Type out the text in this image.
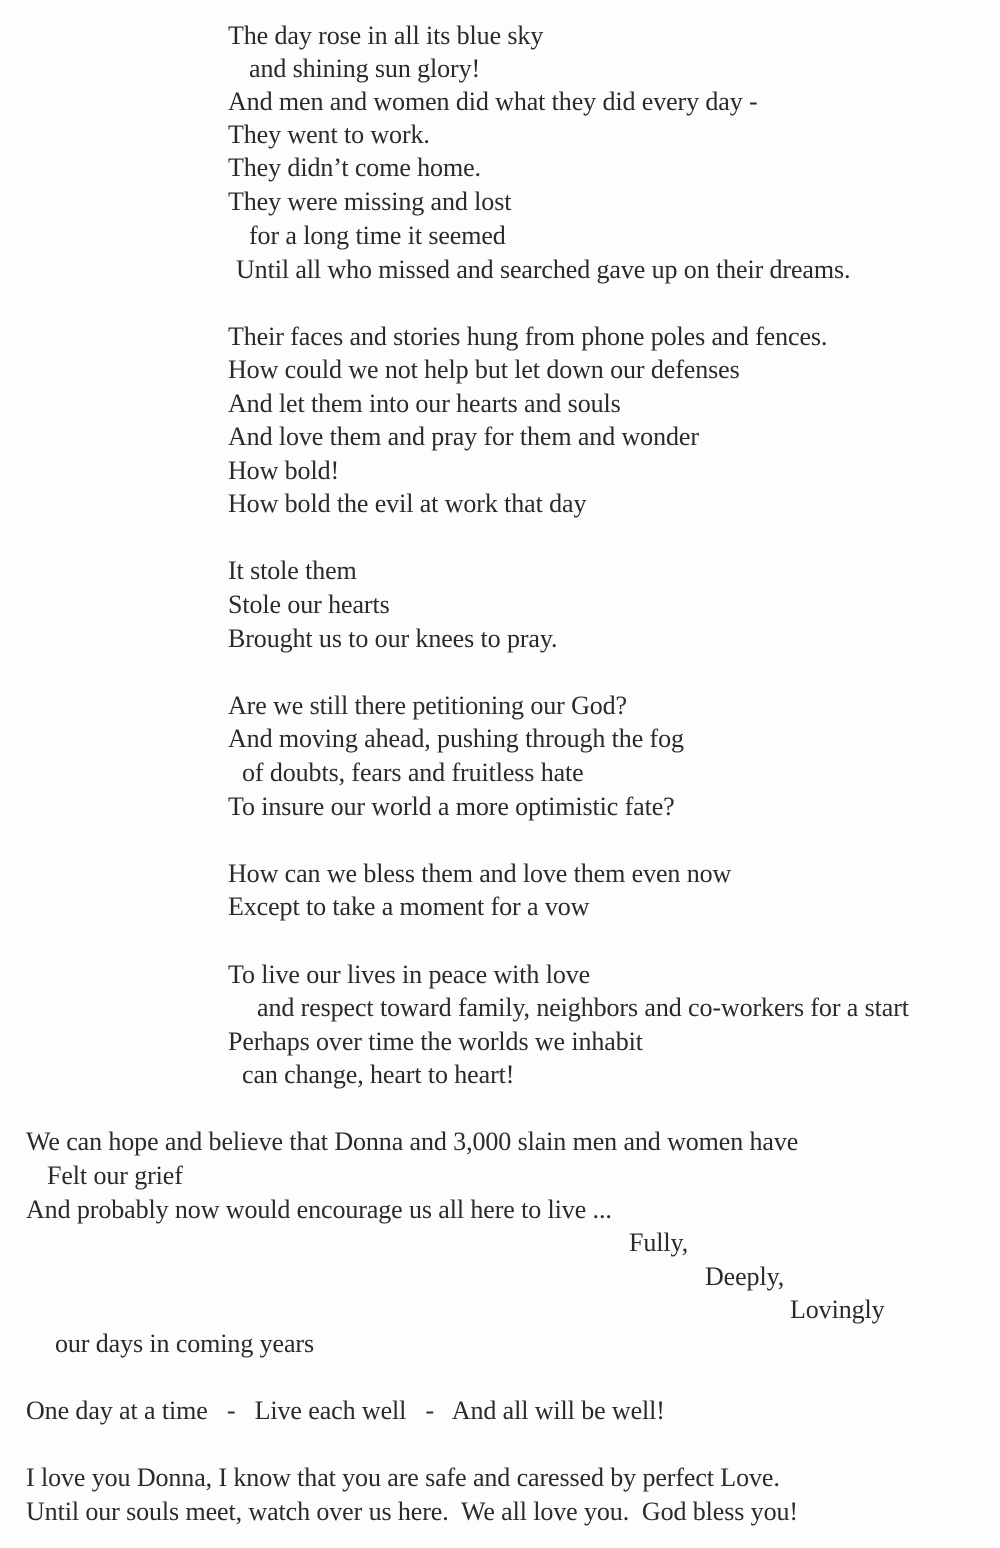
The day rose in all its blue sky
and shining sun glory!
And men and women did what they did every day -
They went to work.
They didn’t come home.
They were missing and lost
for a long time it seemed
Until all who missed and searched gave up on their dreams.
Their faces and stories hung from phone poles and fences.
How could we not help but let down our defenses
And let them into our hearts and souls
And love them and pray for them and wonder
How bold!
How bold the evil at work that day
It stole them
Stole our hearts
Brought us to our knees to pray.
Are we still there petitioning our God?
And moving ahead, pushing through the fog
of doubts, fears and fruitless hate
To insure our world a more optimistic fate?
How can we bless them and love them even now
Except to take a moment for a vow
To live our lives in peace with love
and respect toward family, neighbors and co-workers for a start
Perhaps over time the worlds we inhabit
can change, heart to heart!
We can hope and believe that Donna and 3,000 slain men and women have
Felt our grief
And probably now would encourage us all here to live ...
Fully,
Deeply,
Lovingly
our days in coming years
One day at a time   -   Live each well   -   And all will be well!
I love you Donna, I know that you are safe and caressed by perfect Love.
Until our souls meet, watch over us here.  We all love you.  God bless you!
